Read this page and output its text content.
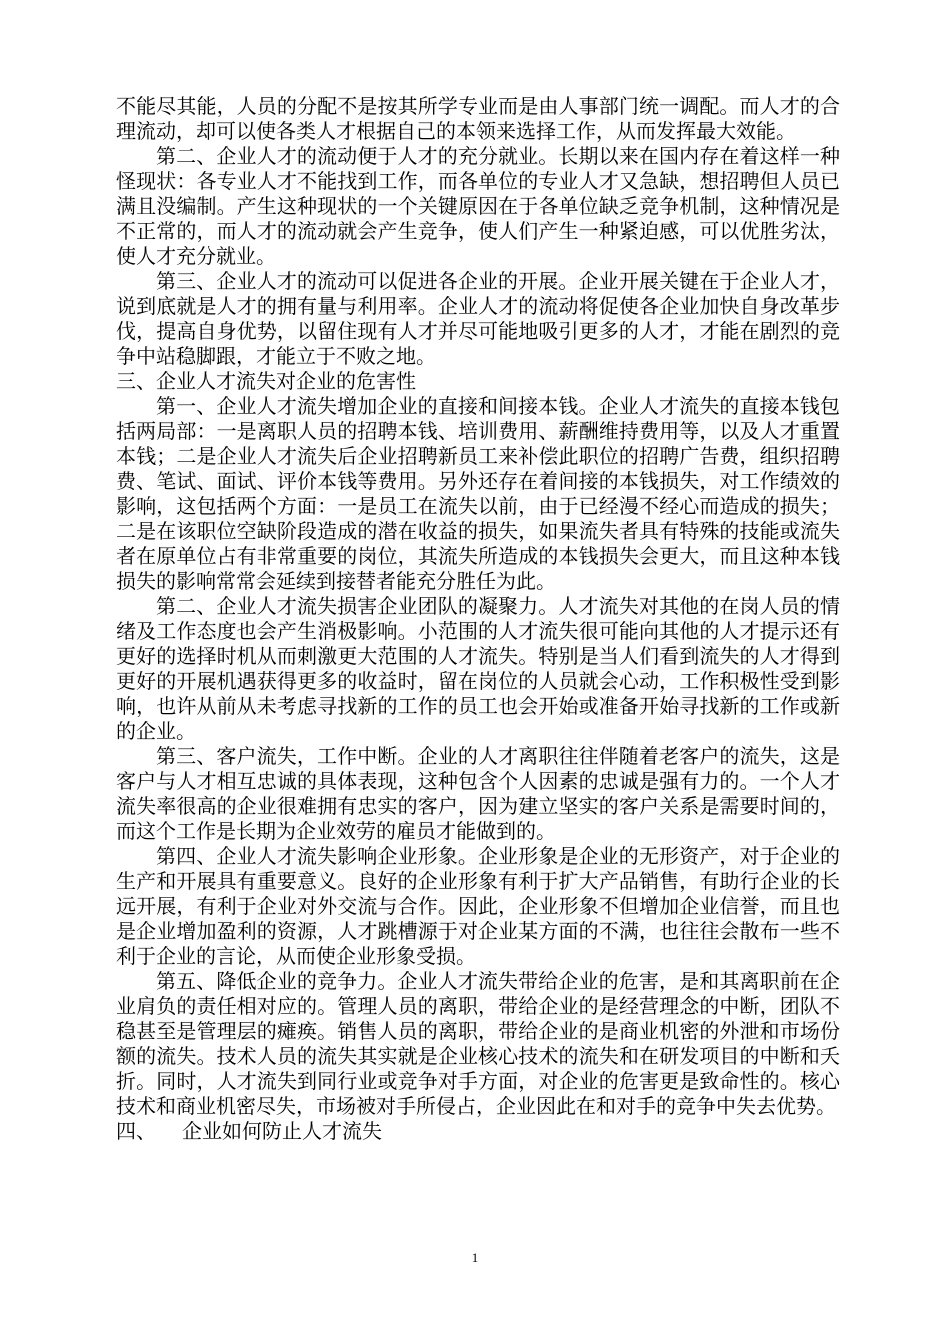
不能尽其能，人员的分配不是按其所学专业而是由人事部门统一调配。而人才的合理流动，却可以使各类人才根据自己的本领来选择工作，从而发挥最大效能。

第二、企业人才的流动便于人才的充分就业。长期以来在国内存在着这样一种怪现状：各专业人才不能找到工作，而各单位的专业人才又急缺，想招聘但人员已满且没编制。产生这种现状的一个关键原因在于各单位缺乏竞争机制，这种情况是不正常的，而人才的流动就会产生竞争，使人们产生一种紧迫感，可以优胜劣汰，使人才充分就业。

第三、企业人才的流动可以促进各企业的开展。企业开展关键在于企业人才，说到底就是人才的拥有量与利用率。企业人才的流动将促使各企业加快自身改革步伐，提高自身优势，以留住现有人才并尽可能地吸引更多的人才，才能在剧烈的竞争中站稳脚跟，才能立于不败之地。

三、企业人才流失对企业的危害性

第一、企业人才流失增加企业的直接和间接本钱。企业人才流失的直接本钱包括两局部：一是离职人员的招聘本钱、培训费用、薪酬维持费用等，以及人才重置本钱；二是企业人才流失后企业招聘新员工来补偿此职位的招聘广告费，组织招聘费、笔试、面试、评价本钱等费用。另外还存在着间接的本钱损失，对工作绩效的影响，这包括两个方面：一是员工在流失以前，由于已经漫不经心而造成的损失；二是在该职位空缺阶段造成的潜在收益的损失，如果流失者具有特殊的技能或流失者在原单位占有非常重要的岗位，其流失所造成的本钱损失会更大，而且这种本钱损失的影响常常会延续到接替者能充分胜任为此。

第二、企业人才流失损害企业团队的凝聚力。人才流失对其他的在岗人员的情绪及工作态度也会产生消极影响。小范围的人才流失很可能向其他的人才提示还有更好的选择时机从而刺激更大范围的人才流失。特别是当人们看到流失的人才得到更好的开展机遇获得更多的收益时，留在岗位的人员就会心动，工作积极性受到影响，也许从前从未考虑寻找新的工作的员工也会开始或准备开始寻找新的工作或新的企业。

第三、客户流失，工作中断。企业的人才离职往往伴随着老客户的流失，这是客户与人才相互忠诚的具体表现，这种包含个人因素的忠诚是强有力的。一个人才流失率很高的企业很难拥有忠实的客户，因为建立坚实的客户关系是需要时间的，而这个工作是长期为企业效劳的雇员才能做到的。

第四、企业人才流失影响企业形象。企业形象是企业的无形资产，对于企业的生产和开展具有重要意义。良好的企业形象有利于扩大产品销售，有助行企业的长远开展，有利于企业对外交流与合作。因此，企业形象不但增加企业信誉，而且也是企业增加盈利的资源，人才跳槽源于对企业某方面的不满，也往往会散布一些不利于企业的言论，从而使企业形象受损。

第五、降低企业的竞争力。企业人才流失带给企业的危害，是和其离职前在企业肩负的责任相对应的。管理人员的离职，带给企业的是经营理念的中断，团队不稳甚至是管理层的瘫痪。销售人员的离职，带给企业的是商业机密的外泄和市场份额的流失。技术人员的流失其实就是企业核心技术的流失和在研发项目的中断和夭折。同时，人才流失到同行业或竞争对手方面，对企业的危害更是致命性的。核心技术和商业机密尽失，市场被对手所侵占，企业因此在和对手的竞争中失去优势。

四、 企业如何防止人才流失

1
